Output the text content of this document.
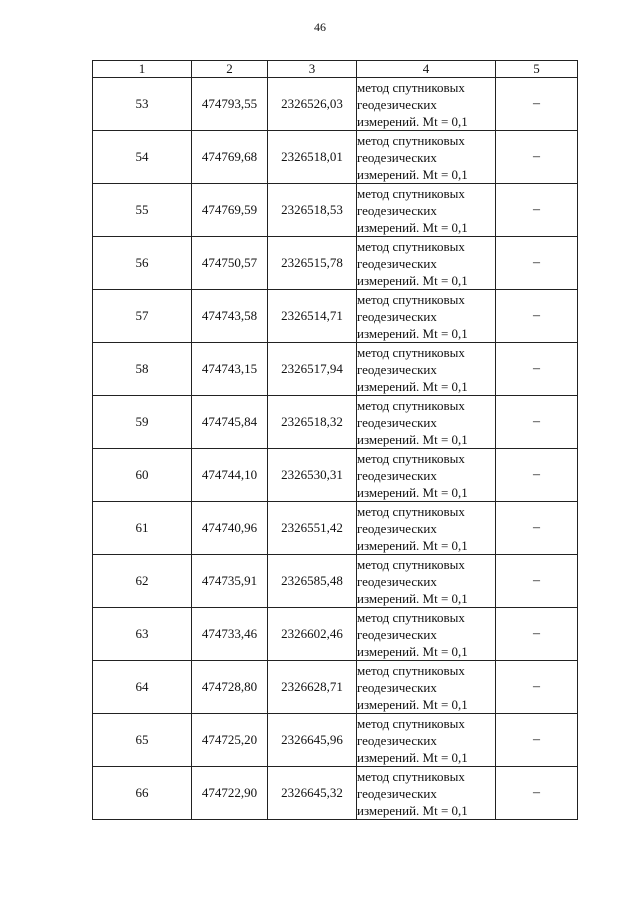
46
1	2	3	4	5
53	474793,55	2326526,03	метод спутниковых
геодезических
измерений. Mt = 0,1	–
54	474769,68	2326518,01	метод спутниковых
геодезических
измерений. Mt = 0,1	–
55	474769,59	2326518,53	метод спутниковых
геодезических
измерений. Mt = 0,1	–
56	474750,57	2326515,78	метод спутниковых
геодезических
измерений. Mt = 0,1	–
57	474743,58	2326514,71	метод спутниковых
геодезических
измерений. Mt = 0,1	–
58	474743,15	2326517,94	метод спутниковых
геодезических
измерений. Mt = 0,1	–
59	474745,84	2326518,32	метод спутниковых
геодезических
измерений. Mt = 0,1	–
60	474744,10	2326530,31	метод спутниковых
геодезических
измерений. Mt = 0,1	–
61	474740,96	2326551,42	метод спутниковых
геодезических
измерений. Mt = 0,1	–
62	474735,91	2326585,48	метод спутниковых
геодезических
измерений. Mt = 0,1	–
63	474733,46	2326602,46	метод спутниковых
геодезических
измерений. Mt = 0,1	–
64	474728,80	2326628,71	метод спутниковых
геодезических
измерений. Mt = 0,1	–
65	474725,20	2326645,96	метод спутниковых
геодезических
измерений. Mt = 0,1	–
66	474722,90	2326645,32	метод спутниковых
геодезических
измерений. Mt = 0,1	–
